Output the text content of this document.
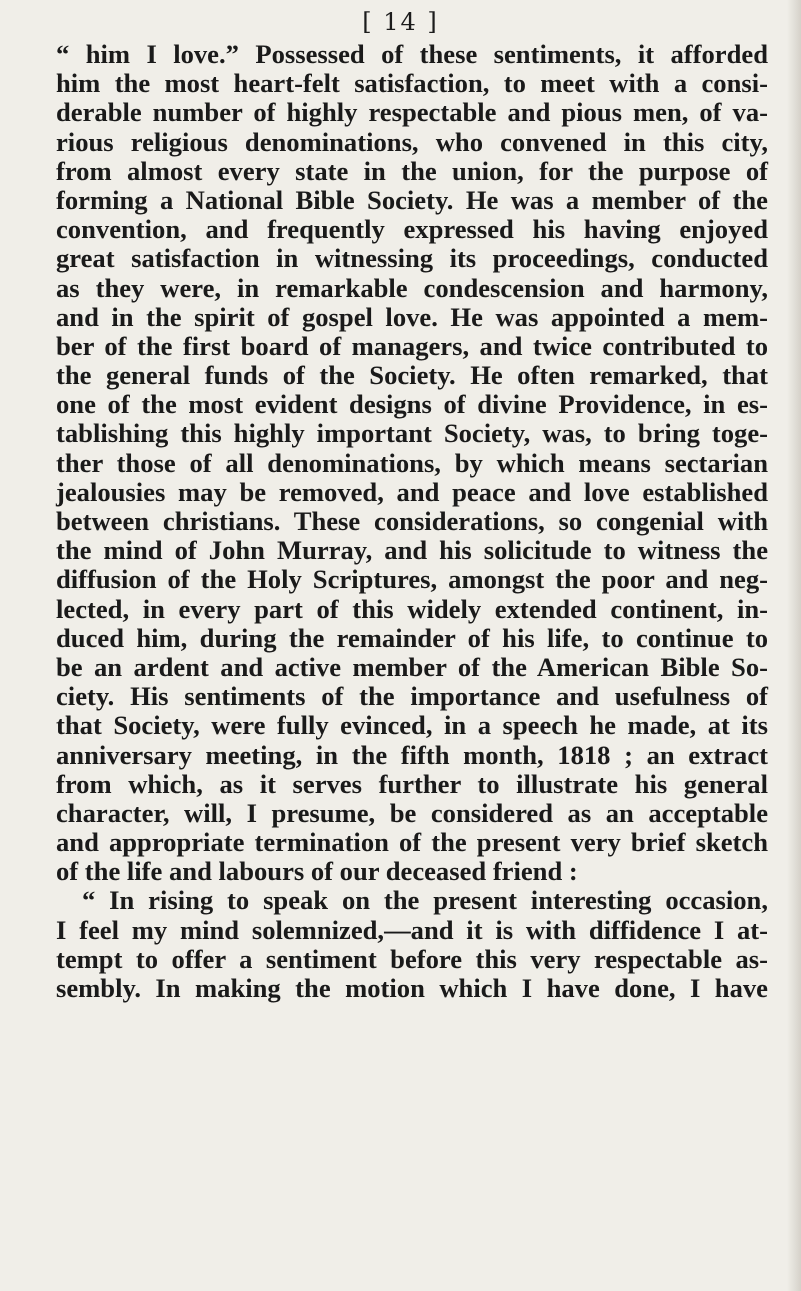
[ 14 ]
“ him I love.” Possessed of these sentiments, it afforded
him the most heart-felt satisfaction, to meet with a consi-
derable number of highly respectable and pious men, of va-
rious religious denominations, who convened in this city,
from almost every state in the union, for the purpose of
forming a National Bible Society. He was a member of the
convention, and frequently expressed his having enjoyed
great satisfaction in witnessing its proceedings, conducted
as they were, in remarkable condescension and harmony,
and in the spirit of gospel love. He was appointed a mem-
ber of the first board of managers, and twice contributed to
the general funds of the Society. He often remarked, that
one of the most evident designs of divine Providence, in es-
tablishing this highly important Society, was, to bring toge-
ther those of all denominations, by which means sectarian
jealousies may be removed, and peace and love established
between christians. These considerations, so congenial with
the mind of John Murray, and his solicitude to witness the
diffusion of the Holy Scriptures, amongst the poor and neg-
lected, in every part of this widely extended continent, in-
duced him, during the remainder of his life, to continue to
be an ardent and active member of the American Bible So-
ciety. His sentiments of the importance and usefulness of
that Society, were fully evinced, in a speech he made, at its
anniversary meeting, in the fifth month, 1818 ; an extract
from which, as it serves further to illustrate his general
character, will, I presume, be considered as an acceptable
and appropriate termination of the present very brief sketch
of the life and labours of our deceased friend :
“ In rising to speak on the present interesting occasion,
I feel my mind solemnized,—and it is with diffidence I at-
tempt to offer a sentiment before this very respectable as-
sembly. In making the motion which I have done, I have
